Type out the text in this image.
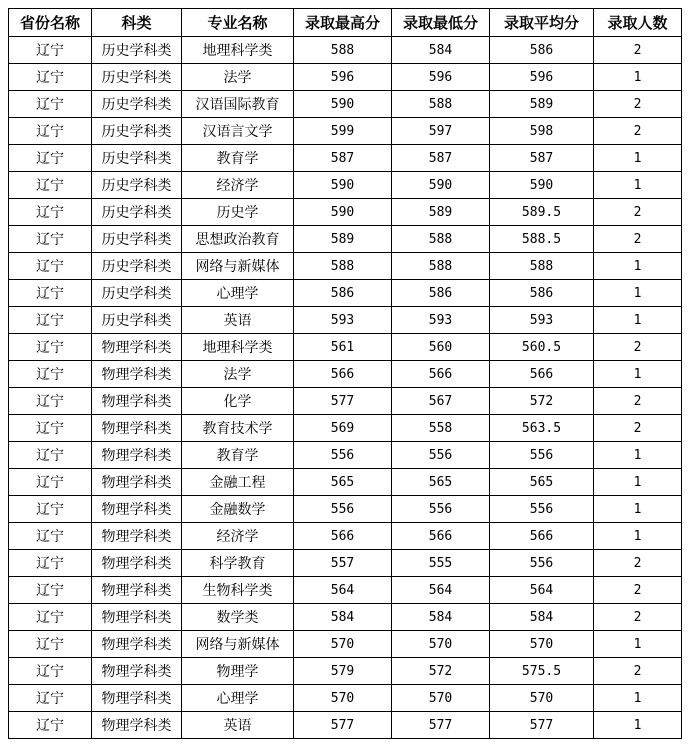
省份名称	科类	专业名称	录取最高分	录取最低分	录取平均分	录取人数
辽宁	历史学科类	地理科学类	588	584	586	2
辽宁	历史学科类	法学	596	596	596	1
辽宁	历史学科类	汉语国际教育	590	588	589	2
辽宁	历史学科类	汉语言文学	599	597	598	2
辽宁	历史学科类	教育学	587	587	587	1
辽宁	历史学科类	经济学	590	590	590	1
辽宁	历史学科类	历史学	590	589	589.5	2
辽宁	历史学科类	思想政治教育	589	588	588.5	2
辽宁	历史学科类	网络与新媒体	588	588	588	1
辽宁	历史学科类	心理学	586	586	586	1
辽宁	历史学科类	英语	593	593	593	1
辽宁	物理学科类	地理科学类	561	560	560.5	2
辽宁	物理学科类	法学	566	566	566	1
辽宁	物理学科类	化学	577	567	572	2
辽宁	物理学科类	教育技术学	569	558	563.5	2
辽宁	物理学科类	教育学	556	556	556	1
辽宁	物理学科类	金融工程	565	565	565	1
辽宁	物理学科类	金融数学	556	556	556	1
辽宁	物理学科类	经济学	566	566	566	1
辽宁	物理学科类	科学教育	557	555	556	2
辽宁	物理学科类	生物科学类	564	564	564	2
辽宁	物理学科类	数学类	584	584	584	2
辽宁	物理学科类	网络与新媒体	570	570	570	1
辽宁	物理学科类	物理学	579	572	575.5	2
辽宁	物理学科类	心理学	570	570	570	1
辽宁	物理学科类	英语	577	577	577	1
